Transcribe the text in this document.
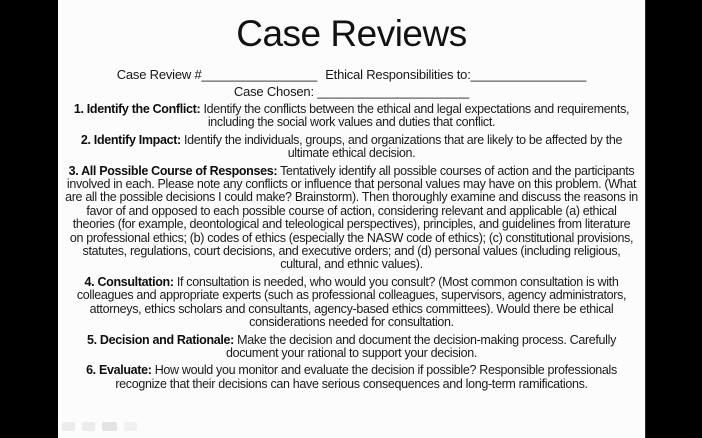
Case Reviews
Case Review #________________ Ethical Responsibilities to:________________
Case Chosen: _____________________

1. Identify the Conflict: Identify the conflicts between the ethical and legal expectations and requirements, including the social work values and duties that conflict.

2. Identify Impact: Identify the individuals, groups, and organizations that are likely to be affected by the ultimate ethical decision.

3. All Possible Course of Responses: Tentatively identify all possible courses of action and the participants involved in each. Please note any conflicts or influence that personal values may have on this problem. (What are all the possible decisions I could make? Brainstorm). Then thoroughly examine and discuss the reasons in favor of and opposed to each possible course of action, considering relevant and applicable (a) ethical theories (for example, deontological and teleological perspectives), principles, and guidelines from literature on professional ethics; (b) codes of ethics (especially the NASW code of ethics); (c) constitutional provisions, statutes, regulations, court decisions, and executive orders; and (d) personal values (including religious, cultural, and ethnic values).

4. Consultation: If consultation is needed, who would you consult? (Most common consultation is with colleagues and appropriate experts (such as professional colleagues, supervisors, agency administrators, attorneys, ethics scholars and consultants, agency-based ethics committees). Would there be ethical considerations needed for consultation.

5. Decision and Rationale: Make the decision and document the decision-making process. Carefully document your rational to support your decision.

6. Evaluate: How would you monitor and evaluate the decision if possible? Responsible professionals recognize that their decisions can have serious consequences and long-term ramifications.
